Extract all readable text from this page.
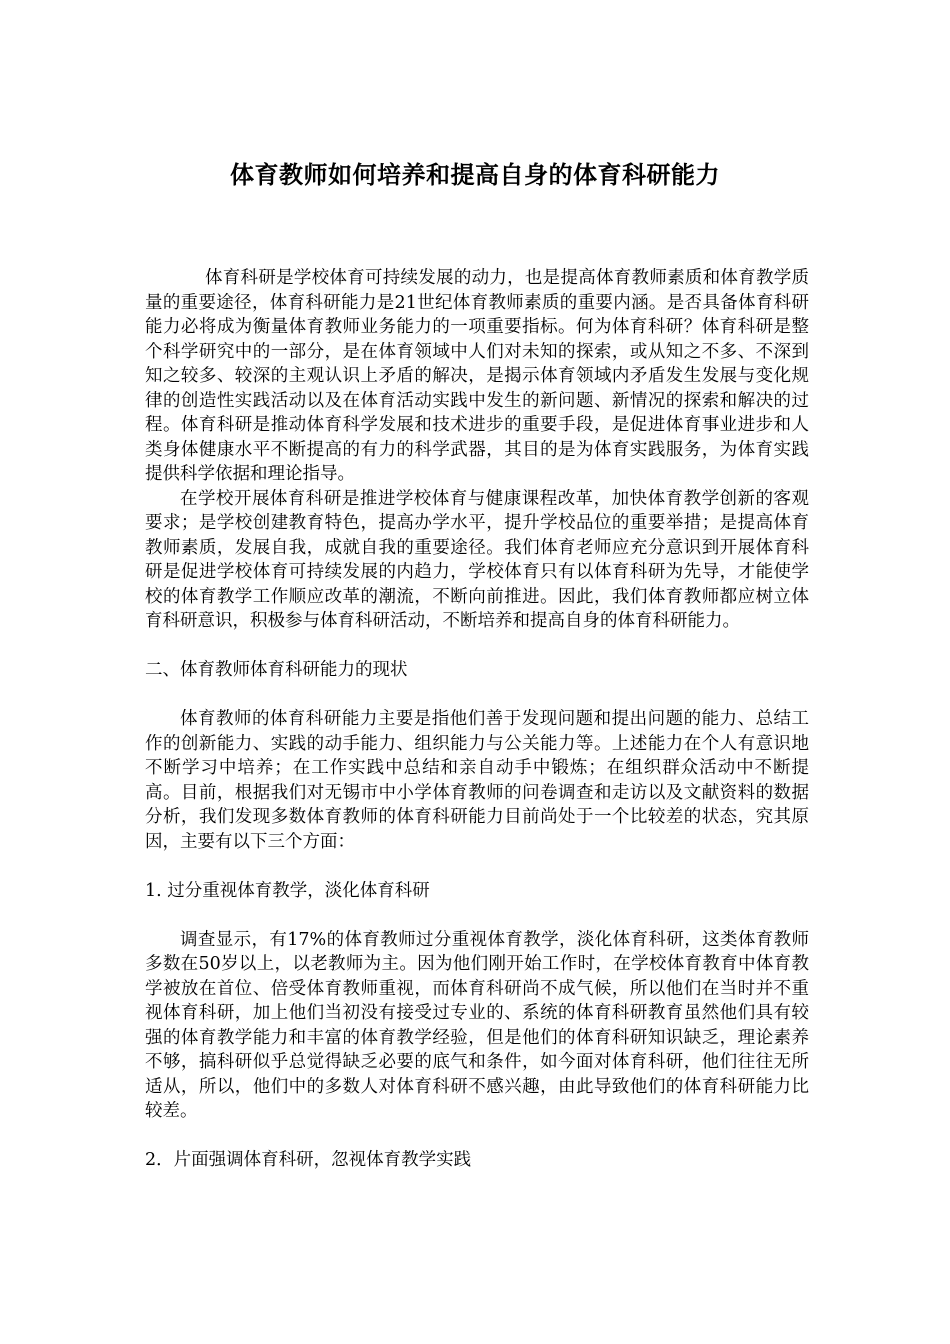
体育教师如何培养和提高自身的体育科研能力

体育科研是学校体育可持续发展的动力，也是提高体育教师素质和体育教学质量的重要途径，体育科研能力是21世纪体育教师素质的重要内涵。是否具备体育科研能力必将成为衡量体育教师业务能力的一项重要指标。何为体育科研？体育科研是整个科学研究中的一部分，是在体育领域中人们对未知的探索，或从知之不多、不深到知之较多、较深的主观认识上矛盾的解决，是揭示体育领域内矛盾发生发展与变化规律的创造性实践活动以及在体育活动实践中发生的新问题、新情况的探索和解决的过程。体育科研是推动体育科学发展和技术进步的重要手段，是促进体育事业进步和人类身体健康水平不断提高的有力的科学武器，其目的是为体育实践服务，为体育实践提供科学依据和理论指导。

在学校开展体育科研是推进学校体育与健康课程改革，加快体育教学创新的客观要求；是学校创建教育特色，提高办学水平，提升学校品位的重要举措；是提高体育教师素质，发展自我，成就自我的重要途径。我们体育老师应充分意识到开展体育科研是促进学校体育可持续发展的内趋力，学校体育只有以体育科研为先导，才能使学校的体育教学工作顺应改革的潮流，不断向前推进。因此，我们体育教师都应树立体育科研意识，积极参与体育科研活动，不断培养和提高自身的体育科研能力。

二、体育教师体育科研能力的现状

体育教师的体育科研能力主要是指他们善于发现问题和提出问题的能力、总结工作的创新能力、实践的动手能力、组织能力与公关能力等。上述能力在个人有意识地不断学习中培养；在工作实践中总结和亲自动手中锻炼；在组织群众活动中不断提高。目前，根据我们对无锡市中小学体育教师的问卷调查和走访以及文献资料的数据分析，我们发现多数体育教师的体育科研能力目前尚处于一个比较差的状态，究其原因，主要有以下三个方面：

1. 过分重视体育教学，淡化体育科研

调查显示，有17%的体育教师过分重视体育教学，淡化体育科研，这类体育教师多数在50岁以上，以老教师为主。因为他们刚开始工作时，在学校体育教育中体育教学被放在首位、倍受体育教师重视，而体育科研尚不成气候，所以他们在当时并不重视体育科研，加上他们当初没有接受过专业的、系统的体育科研教育虽然他们具有较强的体育教学能力和丰富的体育教学经验，但是他们的体育科研知识缺乏，理论素养不够，搞科研似乎总觉得缺乏必要的底气和条件，如今面对体育科研，他们往往无所适从，所以，他们中的多数人对体育科研不感兴趣，由此导致他们的体育科研能力比较差。

2．片面强调体育科研，忽视体育教学实践
